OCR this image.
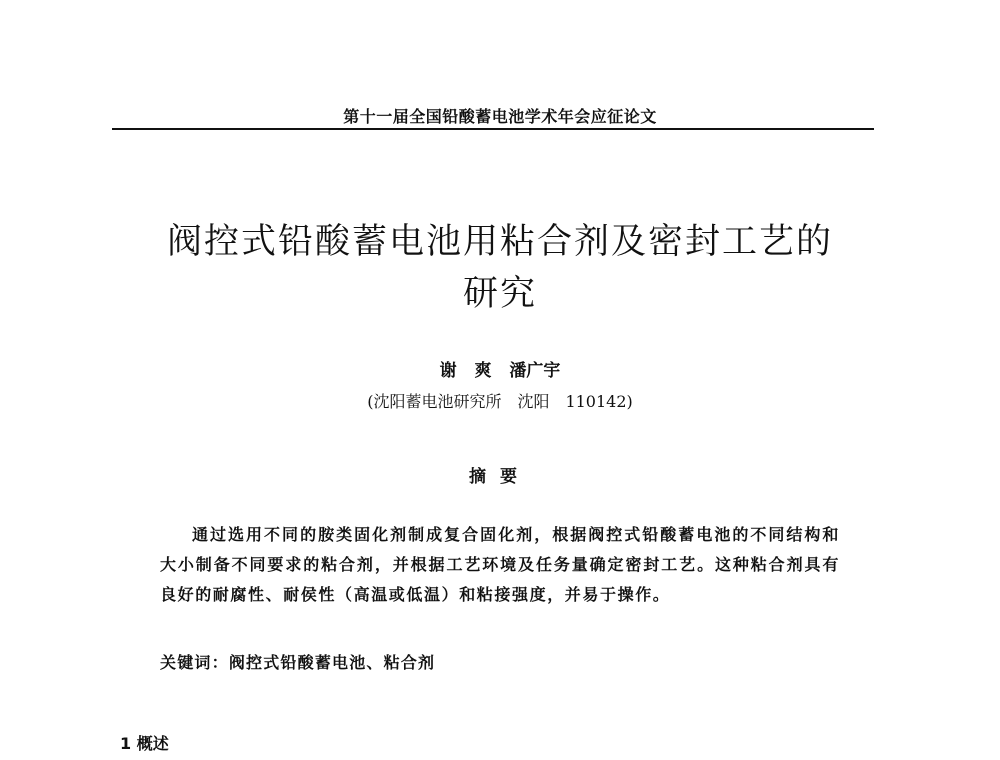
第十一届全国铅酸蓄电池学术年会应征论文
阀控式铅酸蓄电池用粘合剂及密封工艺的
研究
谢 爽 潘广宇
(沈阳蓄电池研究所　沈阳　110142)
摘要

通过选用不同的胺类固化剂制成复合固化剂，根据阀控式铅酸蓄电池的不同结构和大小制备不同要求的粘合剂，并根据工艺环境及任务量确定密封工艺。这种粘合剂具有良好的耐腐性、耐侯性（高温或低温）和粘接强度，并易于操作。

关键词：阀控式铅酸蓄电池、粘合剂
1 概述
